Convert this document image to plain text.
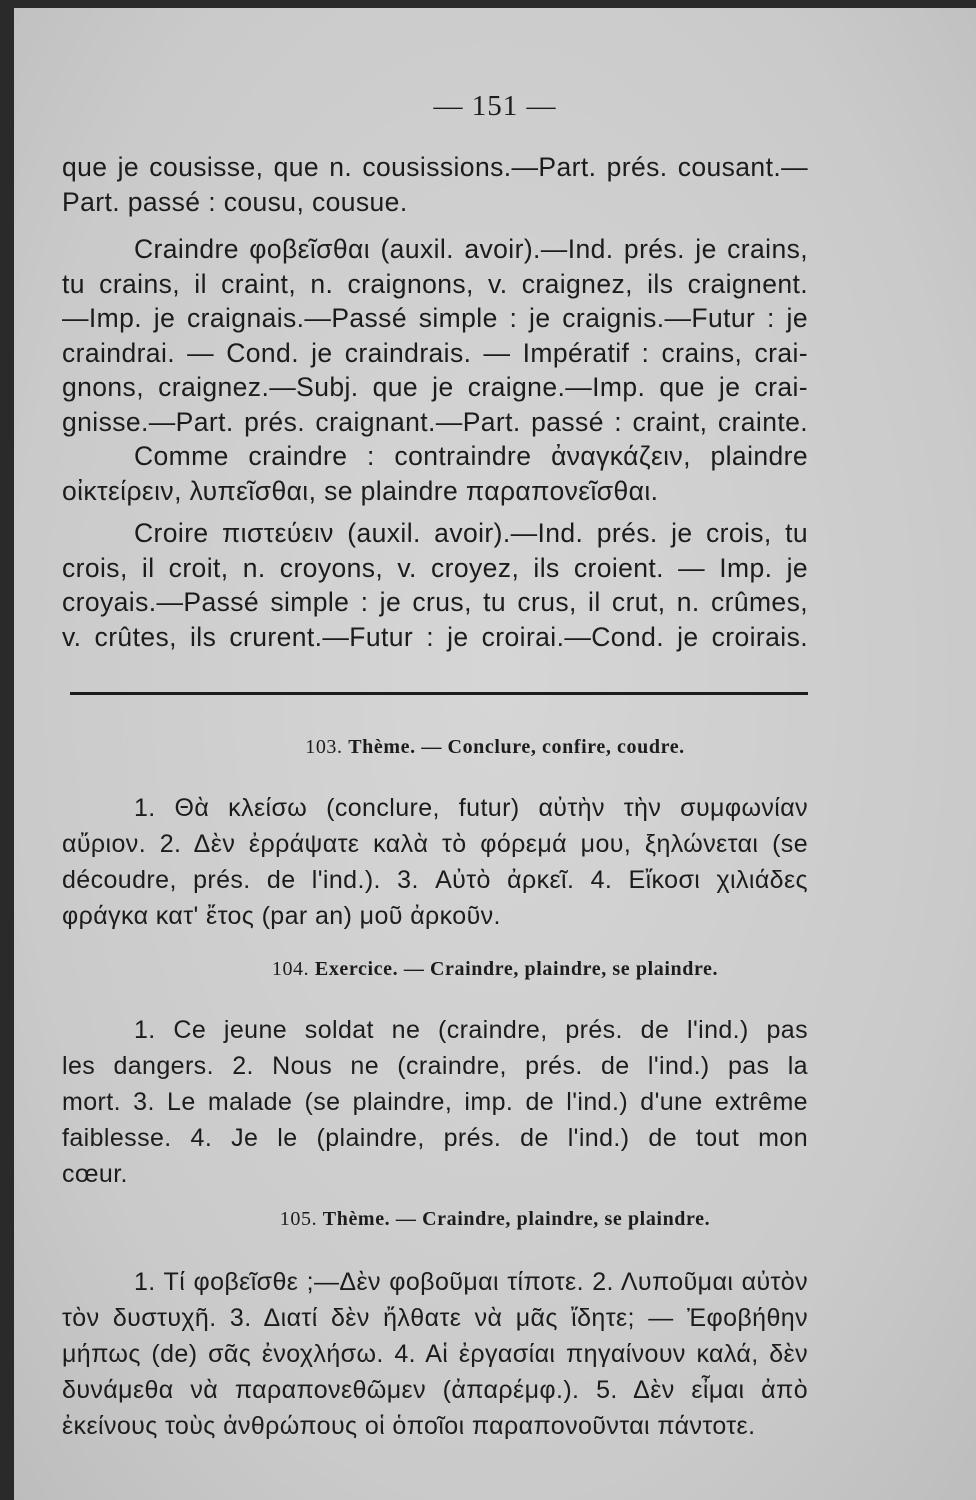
— 151 —
que je cousisse, que n. cousissions.—Part. prés. cousant.—
Part. passé : cousu, cousue.
Craindre φοβεῖσθαι (auxil. avoir).—Ind. prés. je crains,
tu crains, il craint, n. craignons, v. craignez, ils craignent.
—Imp. je craignais.—Passé simple : je craignis.—Futur : je
craindrai. — Cond. je craindrais. — Impératif : crains, crai-
gnons, craignez.—Subj. que je craigne.—Imp. que je crai-
gnisse.—Part. prés. craignant.—Part. passé : craint, crainte.
Comme craindre : contraindre ἀναγκάζειν, plaindre
οἰκτείρειν, λυπεῖσθαι, se plaindre παραπονεῖσθαι.
Croire πιστεύειν (auxil. avoir).—Ind. prés. je crois, tu
crois, il croit, n. croyons, v. croyez, ils croient. — Imp. je
croyais.—Passé simple : je crus, tu crus, il crut, n. crûmes,
v. crûtes, ils crurent.—Futur : je croirai.—Cond. je croirais.
103. Thème. — Conclure, confire, coudre.
1. Θὰ κλείσω (conclure, futur) αὐτὴν τὴν συμφωνίαν
αὔριον. 2. Δὲν ἐρράψατε καλὰ τὸ φόρεμά μου, ξηλώνεται (se
découdre, prés. de l'ind.). 3. Αὐτὸ ἀρκεῖ. 4. Εἴκοσι χιλιάδες
φράγκα κατ' ἔτος (par an) μοῦ ἀρκοῦν.
104. Exercice. — Craindre, plaindre, se plaindre.
1. Ce jeune soldat ne (craindre, prés. de l'ind.) pas
les dangers. 2. Nous ne (craindre, prés. de l'ind.) pas la
mort. 3. Le malade (se plaindre, imp. de l'ind.) d'une extrême
faiblesse. 4. Je le (plaindre, prés. de l'ind.) de tout mon
cœur.
105. Thème. — Craindre, plaindre, se plaindre.
1. Τί φοβεῖσθε ;—Δὲν φοβοῦμαι τίποτε. 2. Λυποῦμαι αὐτὸν
τὸν δυστυχῆ. 3. Διατί δὲν ἤλθατε νὰ μᾶς ἴδητε; — Ἐφοβήθην
μήπως (de) σᾶς ἐνοχλήσω. 4. Αἱ ἐργασίαι πηγαίνουν καλά, δὲν
δυνάμεθα νὰ παραπονεθῶμεν (ἀπαρέμφ.). 5. Δὲν εἶμαι ἀπὸ
ἐκείνους τοὺς ἀνθρώπους οἱ ὁποῖοι παραπονοῦνται πάντοτε.
